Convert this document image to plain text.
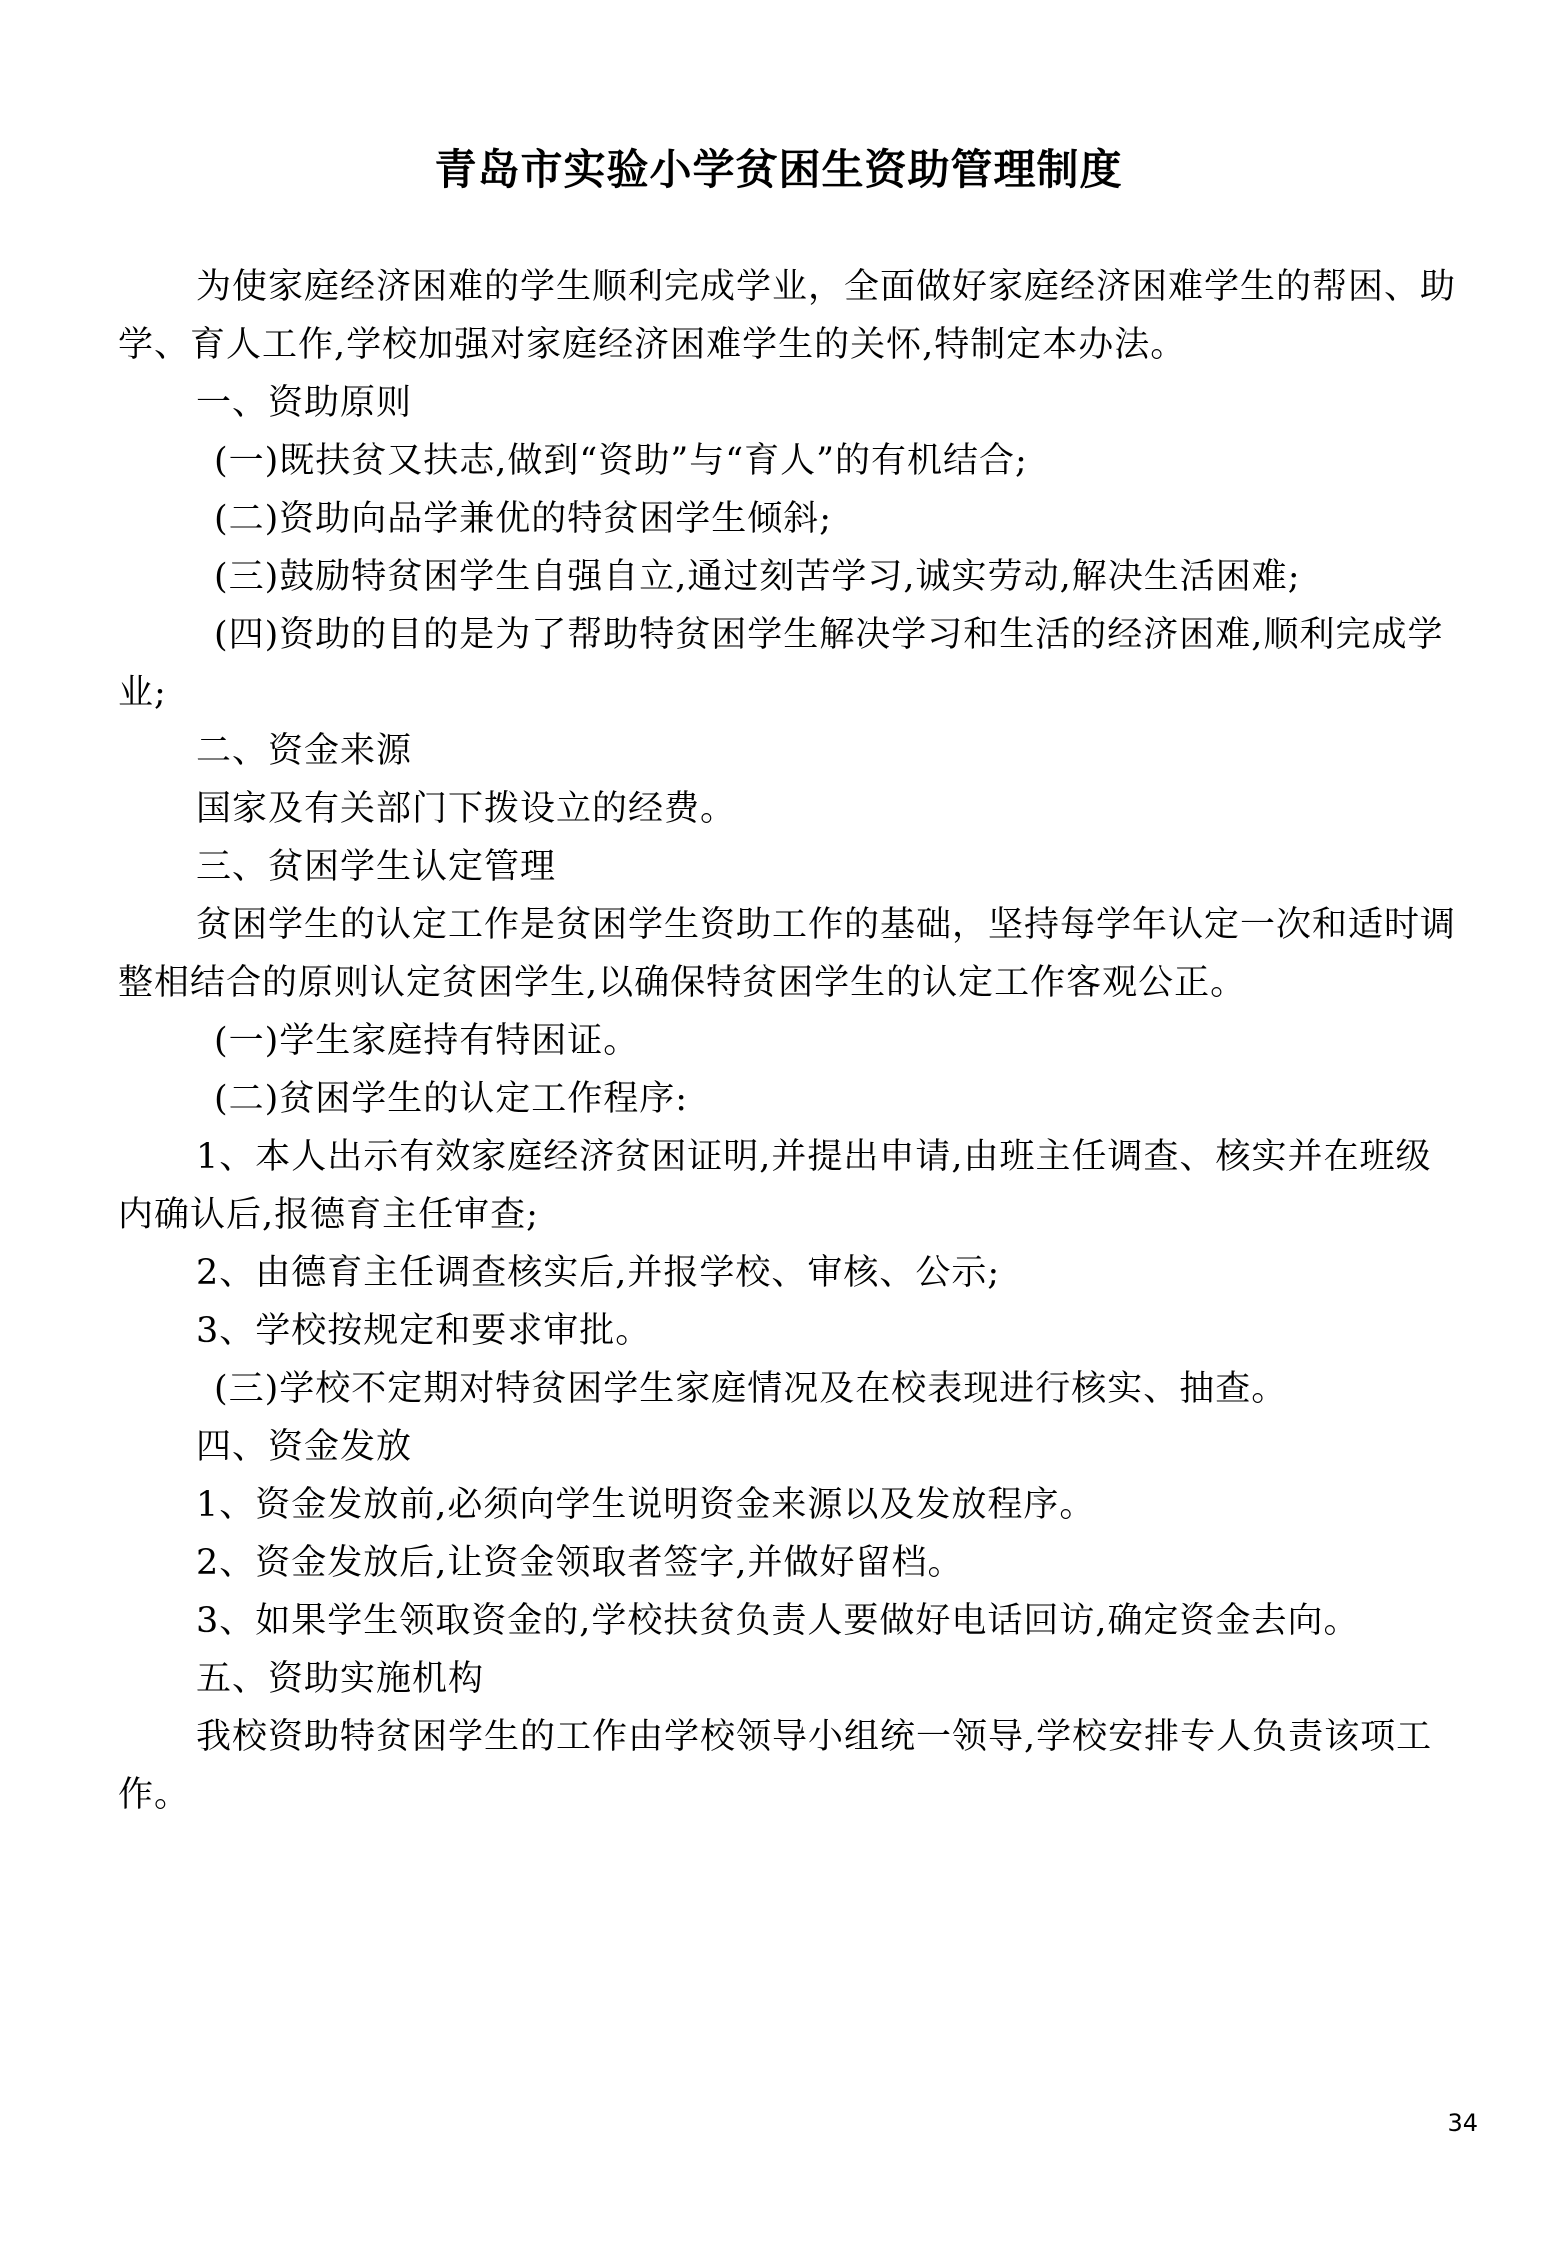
青岛市实验小学贫困生资助管理制度

为使家庭经济困难的学生顺利完成学业，全面做好家庭经济困难学生的帮困、助学、育人工作,学校加强对家庭经济困难学生的关怀,特制定本办法。

一、资助原则

(一)既扶贫又扶志,做到“资助”与“育人”的有机结合;

(二)资助向品学兼优的特贫困学生倾斜;

(三)鼓励特贫困学生自强自立,通过刻苦学习,诚实劳动,解决生活困难;

(四)资助的目的是为了帮助特贫困学生解决学习和生活的经济困难,顺利完成学业;

二、资金来源

国家及有关部门下拨设立的经费。

三、贫困学生认定管理

贫困学生的认定工作是贫困学生资助工作的基础，坚持每学年认定一次和适时调整相结合的原则认定贫困学生,以确保特贫困学生的认定工作客观公正。

(一)学生家庭持有特困证。

(二)贫困学生的认定工作程序:

1、本人出示有效家庭经济贫困证明,并提出申请,由班主任调查、核实并在班级内确认后,报德育主任审查;

2、由德育主任调查核实后,并报学校、审核、公示;

3、学校按规定和要求审批。

(三)学校不定期对特贫困学生家庭情况及在校表现进行核实、抽查。

四、资金发放

1、资金发放前,必须向学生说明资金来源以及发放程序。

2、资金发放后,让资金领取者签字,并做好留档。

3、如果学生领取资金的,学校扶贫负责人要做好电话回访,确定资金去向。

五、资助实施机构

我校资助特贫困学生的工作由学校领导小组统一领导,学校安排专人负责该项工作。

34
